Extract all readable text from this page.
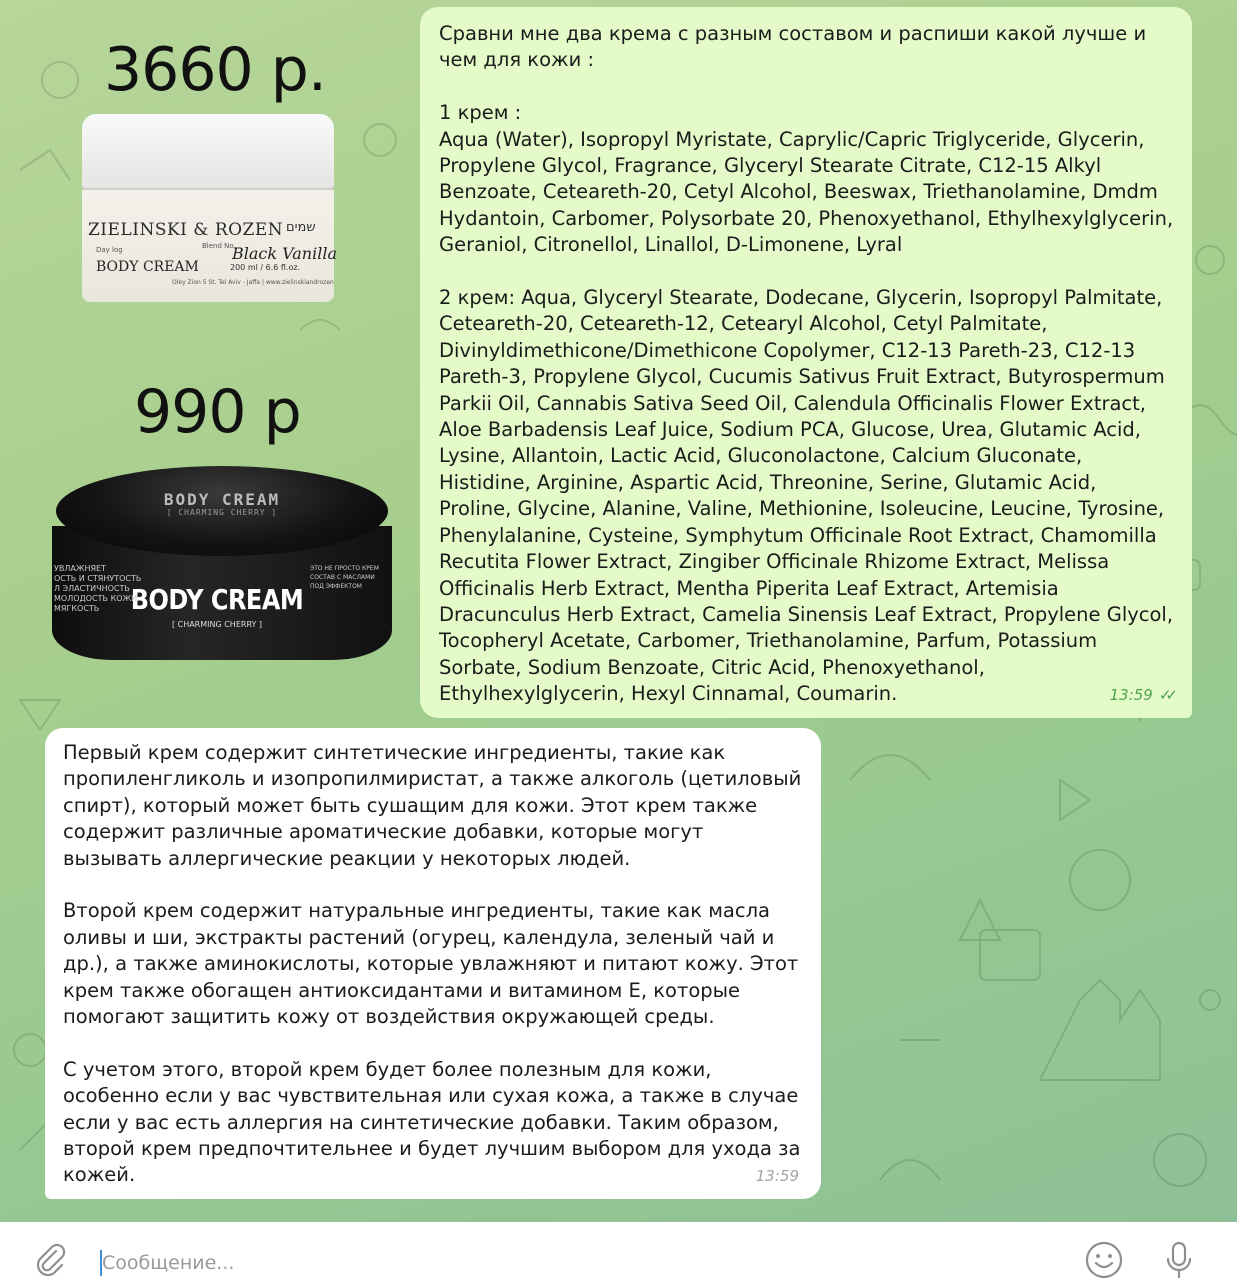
3660 р.
ZIELINSKI & ROZEN שמים
Day log	Blend No.
Black Vanilla
BODY CREAM	200 ml / 6.6 fl.oz.
Oley Zion 5 St. Tel Aviv - Jaffa | www.zielinskiandrozen
990 р
BODY CREAM
[ CHARMING CHERRY ]
BODY CREAM
[ CHARMING CHERRY ]
УВЛАЖНЯЕТ
ОСТЬ И СТЯНУТОСТЬ
Л ЭЛАСТИЧНОСТЬ
МОЛОДОСТЬ КОЖИ
МЯГКОСТЬ
ЭТО НЕ ПРОСТО КРЕМ
СОСТАВ С МАСЛАМИ
ПОД ЭФФЕКТОМ

Сравни мне два крема с разным составом и распиши какой лучше и чем для кожи :

1 крем :

Aqua (Water), Isopropyl Myristate, Caprylic/Capric Triglyceride, Glycerin, Propylene Glycol, Fragrance, Glyceryl Stearate Citrate, C12-15 Alkyl Benzoate, Ceteareth-20, Cetyl Alcohol, Beeswax, Triethanolamine, Dmdm Hydantoin, Carbomer, Polysorbate 20, Phenoxyethanol, Ethylhexylglycerin, Geraniol, Citronellol, Linallol, D-Limonene, Lyral

2 крем: Aqua, Glyceryl Stearate, Dodecane, Glycerin, Isopropyl Palmitate, Ceteareth-20, Ceteareth-12, Cetearyl Alcohol, Cetyl Palmitate, Divinyldimethicone/Dimethicone Copolymer, C12-13 Pareth-23, C12-13 Pareth-3, Propylene Glycol, Cucumis Sativus Fruit Extract, Butyrospermum Parkii Oil, Cannabis Sativa Seed Oil, Calendula Officinalis Flower Extract, Aloe Barbadensis Leaf Juice, Sodium PCA, Glucose, Urea, Glutamic Acid, Lysine, Allantoin, Lactic Acid, Gluconolactone, Calcium Gluconate, Histidine, Arginine, Aspartic Acid, Threonine, Serine, Glutamic Acid, Proline, Glycine, Alanine, Valine, Methionine, Isoleucine, Leucine, Tyrosine, Phenylalanine, Cysteine, Symphytum Officinale Root Extract, Chamomilla Recutita Flower Extract, Zingiber Officinale Rhizome Extract, Melissa Officinalis Herb Extract, Mentha Piperita Leaf Extract, Artemisia Dracunculus Herb Extract, Camelia Sinensis Leaf Extract, Propylene Glycol, Tocopheryl Acetate, Carbomer, Triethanolamine, Parfum, Potassium Sorbate, Sodium Benzoate, Citric Acid, Phenoxyethanol, Ethylhexylglycerin, Hexyl Cinnamal, Coumarin.	13:59 ✓✓

Первый крем содержит синтетические ингредиенты, такие как пропиленгликоль и изопропилмиристат, а также алкоголь (цетиловый спирт), который может быть сушащим для кожи. Этот крем также содержит различные ароматические добавки, которые могут вызывать аллергические реакции у некоторых людей.

Второй крем содержит натуральные ингредиенты, такие как масла оливы и ши, экстракты растений (огурец, календула, зеленый чай и др.), а также аминокислоты, которые увлажняют и питают кожу. Этот крем также обогащен антиоксидантами и витамином Е, которые помогают защитить кожу от воздействия окружающей среды.

С учетом этого, второй крем будет более полезным для кожи, особенно если у вас чувствительная или сухая кожа, а также в случае если у вас есть аллергия на синтетические добавки. Таким образом, второй крем предпочтительнее и будет лучшим выбором для ухода за кожей.	13:59
Сообщение...
